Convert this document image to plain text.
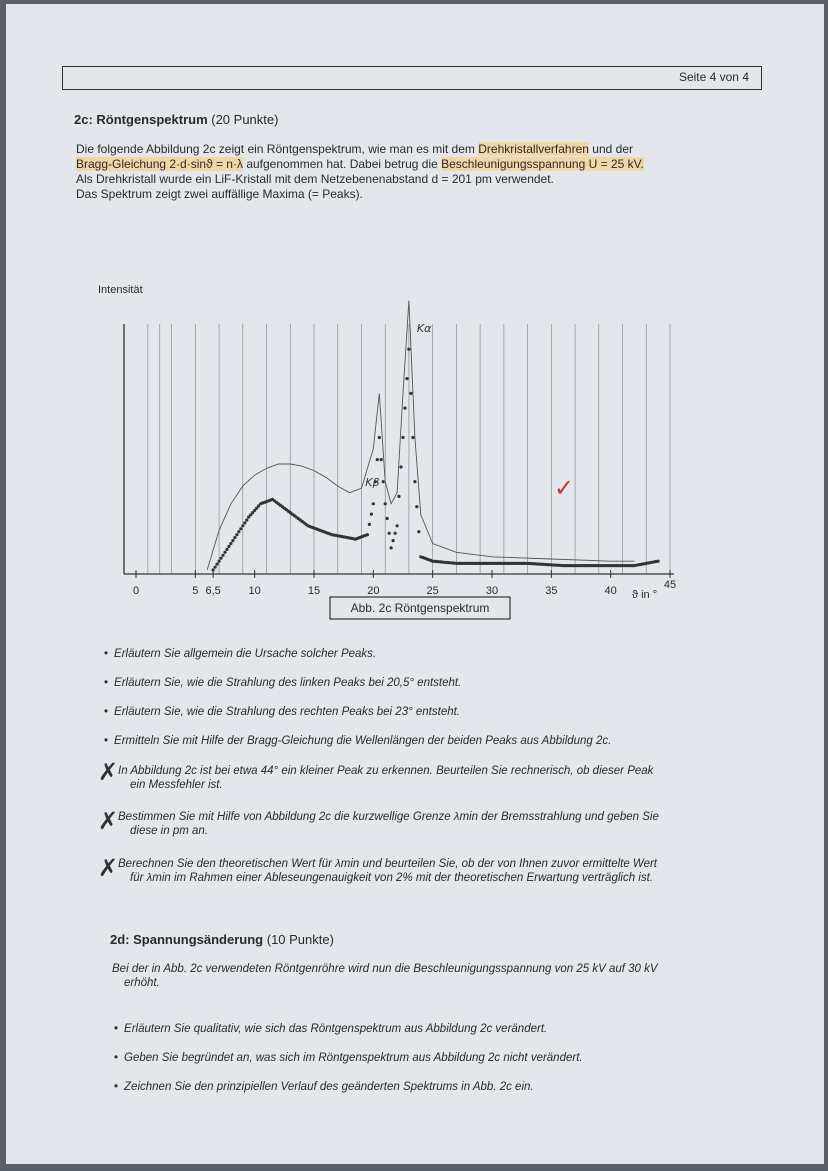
Seite 4 von 4
2c: Röntgenspektrum (20 Punkte)
Die folgende Abbildung 2c zeigt ein Röntgenspektrum, wie man es mit dem Drehkristallverfahren und der
Bragg-Gleichung 2·d·sinϑ = n·λ aufgenommen hat. Dabei betrug die Beschleunigungsspannung U = 25 kV.
Als Drehkristall wurde ein LiF-Kristall mit dem Netzebenenabstand d = 201 pm verwendet.
Das Spektrum zeigt zwei auffällige Maxima (= Peaks).
Intensität
0	5 6,5	10	15	20	25	30	35	40	45
Kβ
Kα
ϑ in °
Abb. 2c Röntgenspektrum
✓
• Erläutern Sie allgemein die Ursache solcher Peaks.
• Erläutern Sie, wie die Strahlung des linken Peaks bei 20,5° entsteht.
• Erläutern Sie, wie die Strahlung des rechten Peaks bei 23° entsteht.
• Ermitteln Sie mit Hilfe der Bragg-Gleichung die Wellenlängen der beiden Peaks aus Abbildung 2c.
✗ In Abbildung 2c ist bei etwa 44° ein kleiner Peak zu erkennen. Beurteilen Sie rechnerisch, ob dieser Peak
ein Messfehler ist.
✗ Bestimmen Sie mit Hilfe von Abbildung 2c die kurzwellige Grenze λmin der Bremsstrahlung und geben Sie
diese in pm an.
✗ Berechnen Sie den theoretischen Wert für λmin und beurteilen Sie, ob der von Ihnen zuvor ermittelte Wert
für λmin im Rahmen einer Ableseungenauigkeit von 2% mit der theoretischen Erwartung verträglich ist.
2d: Spannungsänderung (10 Punkte)
Bei der in Abb. 2c verwendeten Röntgenröhre wird nun die Beschleunigungsspannung von 25 kV auf 30 kV
erhöht.
• Erläutern Sie qualitativ, wie sich das Röntgenspektrum aus Abbildung 2c verändert.
• Geben Sie begründet an, was sich im Röntgenspektrum aus Abbildung 2c nicht verändert.
• Zeichnen Sie den prinzipiellen Verlauf des geänderten Spektrums in Abb. 2c ein.
